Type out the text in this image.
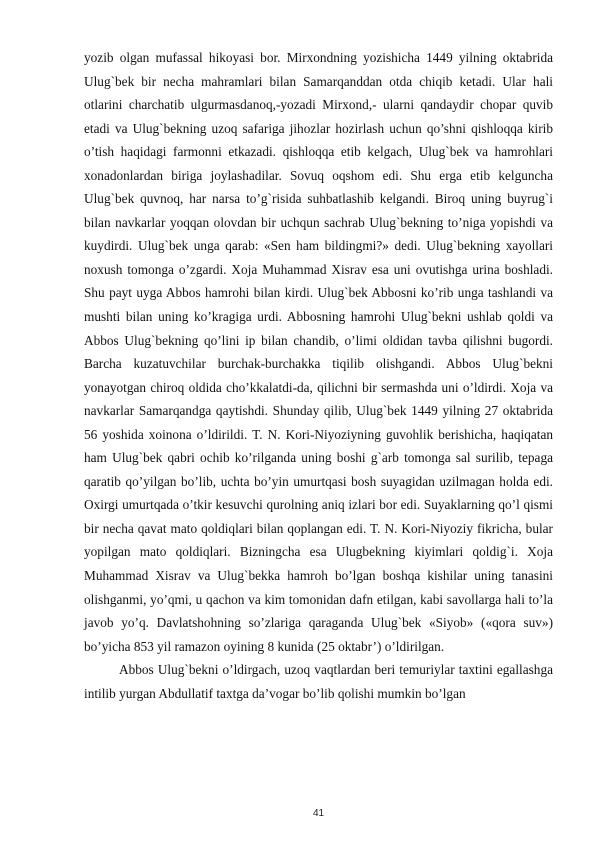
yozib olgan mufassal hikoyasi bor. Mirxondning yozishicha 1449 yilning oktabrida Ulug`bek bir necha mahramlari bilan Samarqanddan otda chiqib ketadi. Ular hali otlarini charchatib ulgurmasdanoq,-yozadi Mirxond,- ularni qandaydir chopar quvib etadi va Ulug`bekning uzoq safariga jihozlar hozirlash uchun qo’shni qishloqqa kirib o’tish haqidagi farmonni etkazadi. qishloqqa etib kelgach, Ulug`bek va hamrohlari xonadonlardan biriga joylashadilar. Sovuq oqshom edi. Shu erga etib kelguncha Ulug`bek quvnoq, har narsa to’g`risida suhbatlashib kelgandi. Biroq uning buyrug`i bilan navkarlar yoqqan olovdan bir uchqun sachrab Ulug`bekning to’niga yopishdi va kuydirdi. Ulug`bek unga qarab: «Sen ham bildingmi?» dedi. Ulug`bekning xayollari noxush tomonga o’zgardi. Xoja Muhammad Xisrav esa uni ovutishga urina boshladi. Shu payt uyga Abbos hamrohi bilan kirdi. Ulug`bek Abbosni ko’rib unga tashlandi va mushti bilan uning ko’kragiga urdi. Abbosning hamrohi Ulug`bekni ushlab qoldi va Abbos Ulug`bekning qo’lini ip bilan chandib, o’limi oldidan tavba qilishni bugordi. Barcha kuzatuvchilar burchak-burchakka tiqilib olishgandi. Abbos Ulug`bekni yonayotgan chiroq oldida cho’kkalatdi-da, qilichni bir sermashda uni o’ldirdi. Xoja va navkarlar Samarqandga qaytishdi. Shunday qilib, Ulug`bek 1449 yilning 27 oktabrida 56 yoshida xoinona o’ldirildi. T. N. Kori-Niyoziyning guvohlik berishicha, haqiqatan ham Ulug`bek qabri ochib ko’rilganda uning boshi g`arb tomonga sal surilib, tepaga qaratib qo’yilgan bo’lib, uchta bo’yin umurtqasi bosh suyagidan uzilmagan holda edi. Oxirgi umurtqada o’tkir kesuvchi qurolning aniq izlari bor edi. Suyaklarning qo’l qismi bir necha qavat mato qoldiqlari bilan qoplangan edi. T. N. Kori-Niyoziy fikricha, bular yopilgan mato qoldiqlari. Bizningcha esa Ulugbekning kiyimlari qoldig`i. Xoja Muhammad Xisrav va Ulug`bekka hamroh bo’lgan boshqa kishilar uning tanasini olishganmi, yo’qmi, u qachon va kim tomonidan dafn etilgan, kabi savollarga hali to’la javob yo’q. Davlatshohning so’zlariga qaraganda Ulug`bek «Siyob» («qora suv») bo’yicha 853 yil ramazon oyining 8 kunida (25 oktabr’) o’ldirilgan.

Abbos Ulug`bekni o’ldirgach, uzoq vaqtlardan beri temuriylar taxtini egallashga intilib yurgan Abdullatif taxtga da’vogar bo’lib qolishi mumkin bo’lgan

41
